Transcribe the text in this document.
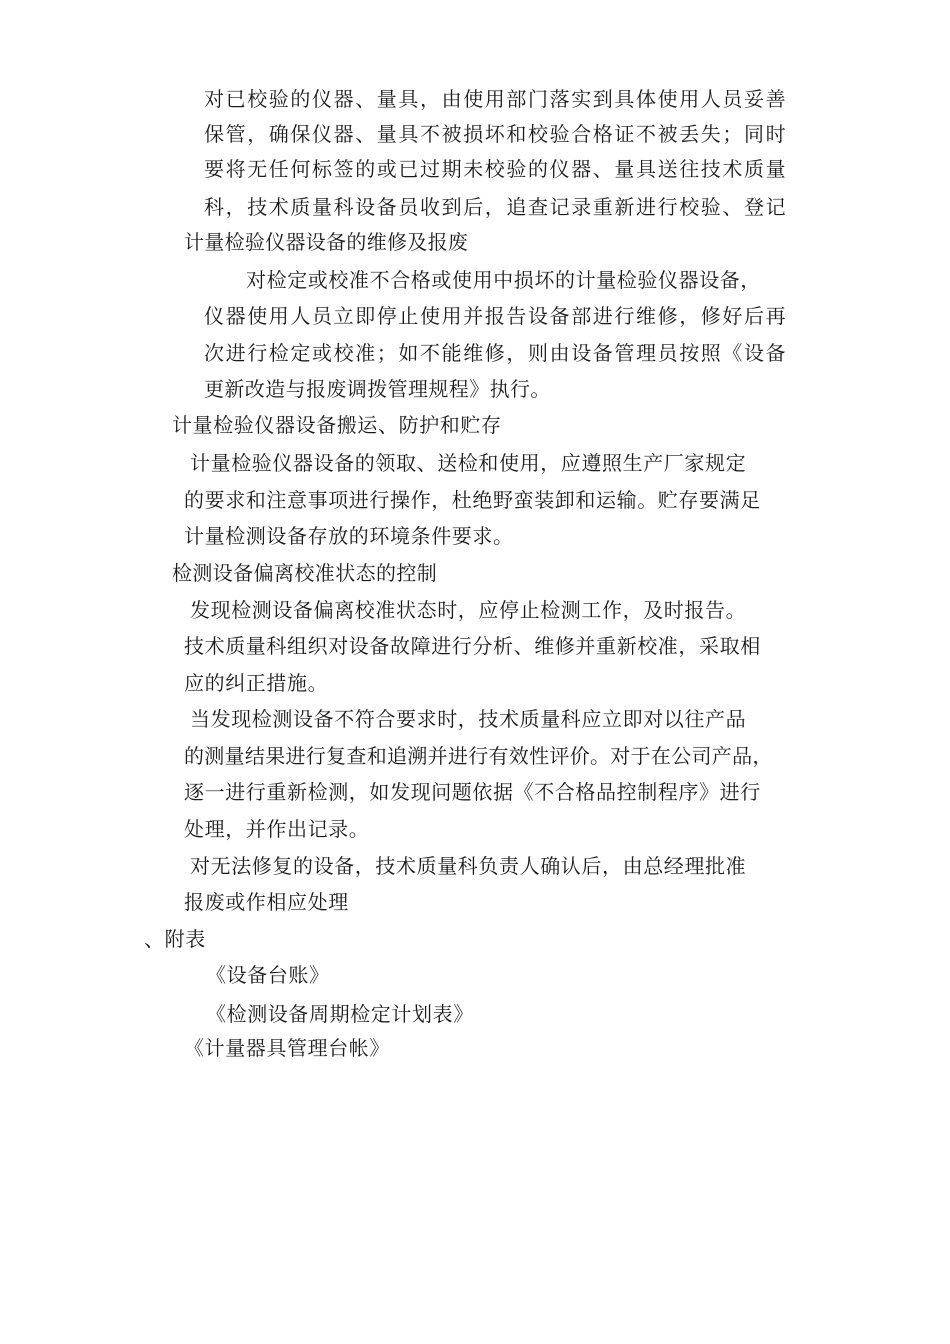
对已校验的仪器、量具，由使用部门落实到具体使用人员妥善
保管，确保仪器、量具不被损坏和校验合格证不被丢失；同时
要将无任何标签的或已过期未校验的仪器、量具送往技术质量
科，技术质量科设备员收到后，追查记录重新进行校验、登记
计量检验仪器设备的维修及报废
对检定或校准不合格或使用中损坏的计量检验仪器设备，
仪器使用人员立即停止使用并报告设备部进行维修，修好后再
次进行检定或校准；如不能维修，则由设备管理员按照《设备
更新改造与报废调拨管理规程》执行。
计量检验仪器设备搬运、防护和贮存
计量检验仪器设备的领取、送检和使用，应遵照生产厂家规定
的要求和注意事项进行操作，杜绝野蛮装卸和运输。贮存要满足
计量检测设备存放的环境条件要求。
检测设备偏离校准状态的控制
发现检测设备偏离校准状态时，应停止检测工作，及时报告。
技术质量科组织对设备故障进行分析、维修并重新校准，采取相
应的纠正措施。
当发现检测设备不符合要求时，技术质量科应立即对以往产品
的测量结果进行复查和追溯并进行有效性评价。对于在公司产品，
逐一进行重新检测，如发现问题依据《不合格品控制程序》进行
处理，并作出记录。
对无法修复的设备，技术质量科负责人确认后，由总经理批准
报废或作相应处理
、附表
《设备台账》
《检测设备周期检定计划表》
《计量器具管理台帐》
